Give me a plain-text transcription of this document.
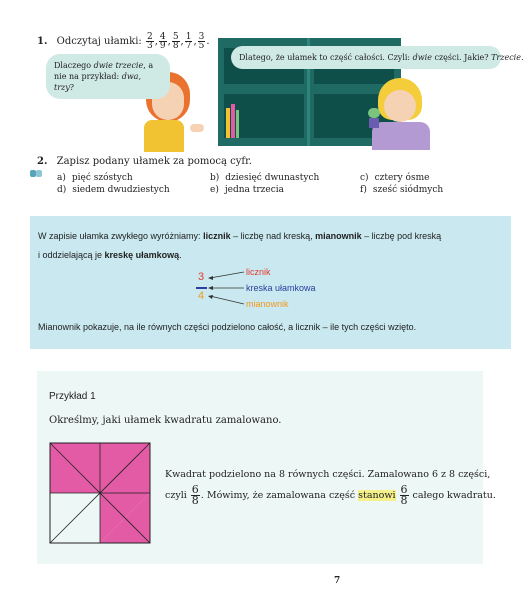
1. Odczytaj ułamki: $\frac{2}{3}$ , $\frac{4}{9}$ , $\frac{5}{8}$ , $\frac{1}{7}$ , $\frac{3}{5}$ .
Dlaczego dwie trzecie, a nie na przykład: dwa, trzy?
Dlatego, że ułamek to część całości. Czyli: dwie części. Jakie? Trzecie.
2. Zapisz podany ułamek za pomocą cyfr.
a) pięć szóstych	b) dziesięć dwunastych	c) cztery ósme
d) siedem dwudziestych	e) jedna trzecia	f) sześć siódmych
W zapisie ułamka zwykłego wyróżniamy: licznik – liczbę nad kreską, mianownik – liczbę pod kreską
i oddzielającą je kreskę ułamkową.
3
4
licznik
kreska ułamkowa
mianownik
Mianownik pokazuje, na ile równych części podzielono całość, a licznik – ile tych części wzięto.
Przykład 1
Określmy, jaki ułamek kwadratu zamalowano.
Kwadrat podzielono na 8 równych części. Zamalowano 6 z 8 części,
czyli $\frac{6}{8}$ . Mówimy, że zamalowana część stanowi $\frac{6}{8}$ całego kwadratu.
7
